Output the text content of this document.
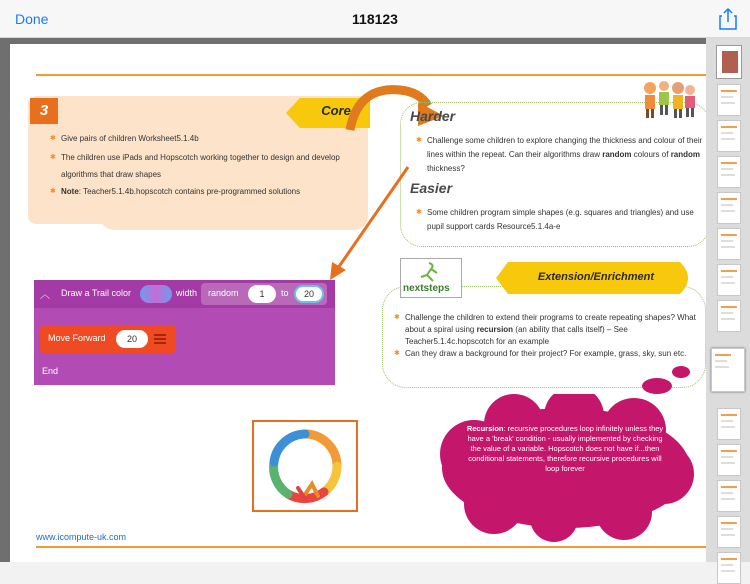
Done	118123
3	Core
✱ Give pairs of children Worksheet5.1.4b
✱ The children use iPads and Hopscotch working together to design and develop algorithms that draw shapes
✱ Note: Teacher5.1.4b.hopscotch contains pre-programmed solutions
Harder
✱ Challenge some children to explore changing the thickness and colour of their lines within the repeat. Can their algorithms draw random colours of random thickness?
Easier
✱ Some children program simple shapes (e.g. squares and triangles) and use pupil support cards Resource5.1.4a-e
︿ Draw a Trail color	width random	1	to	20
Move Forward	20
End
nextsteps
Extension/Enrichment
✱ Challenge the children to extend their programs to create repeating shapes? What about a spiral using recursion (an ability that calls itself) – See Teacher5.1.4c.hopscotch for an example
✱ Can they draw a background for their project? For example, grass, sky, sun etc.
Recursion: recursive procedures loop infinitely unless they have a 'break' condition - usually implemented by checking the value of a variable. Hopscotch does not have if...then conditional statements, therefore recursive procedures will loop forever
www.icompute-uk.com
